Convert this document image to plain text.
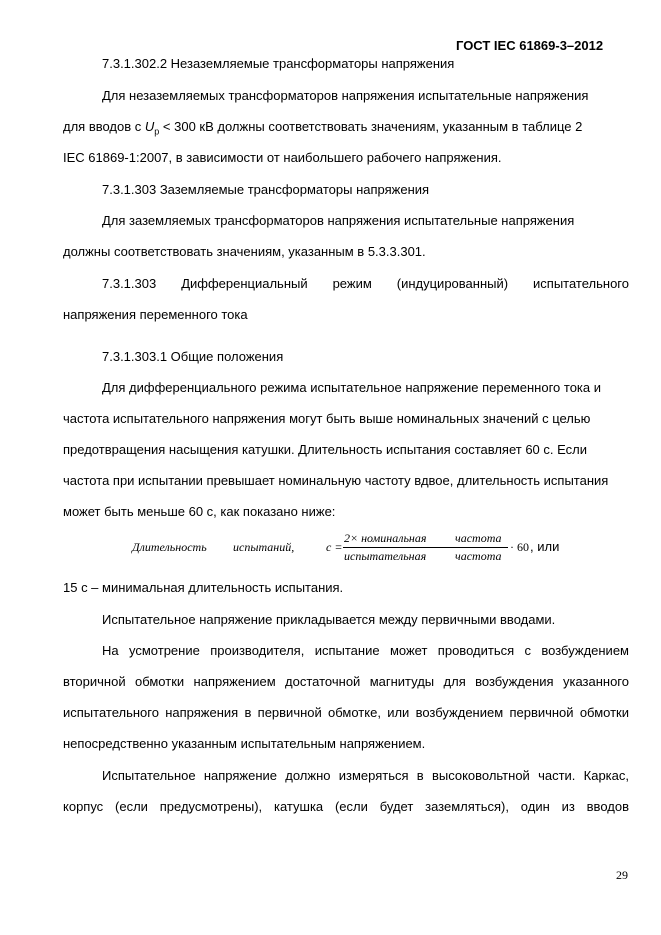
ГОСТ IEC 61869-3–2012
7.3.1.302.2 Незаземляемые трансформаторы напряжения
Для незаземляемых трансформаторов напряжения испытательные напряжения
для вводов с $U_p < 300$ кВ должны соответствовать значениям, указанным в таблице 2
IEC 61869-1:2007, в зависимости от наибольшего рабочего напряжения.
7.3.1.303 Заземляемые трансформаторы напряжения
Для заземляемых трансформаторов напряжения испытательные напряжения
должны соответствовать значениям, указанным в 5.3.3.301.
7.3.1.303 Дифференциальный режим (индуцированный) испытательного
напряжения переменного тока
7.3.1.303.1 Общие положения
Для дифференциального режима испытательное напряжение переменного тока и
частота испытательного напряжения могут быть выше номинальных значений с целью
предотвращения насыщения катушки. Длительность испытания составляет 60 с. Если
частота при испытании превышает номинальную частоту вдвое, длительность испытания
может быть меньше 60 с, как показано ниже:
Длительность испытаний,	c =
2× номинальная частота
испытательная частота
· 60 , или
15 с – минимальная длительность испытания.
Испытательное напряжение прикладывается между первичными вводами.
На усмотрение производителя, испытание может проводиться с возбуждением
вторичной обмотки напряжением достаточной магнитуды для возбуждения указанного
испытательного напряжения в первичной обмотке, или возбуждением первичной обмотки
непосредственно указанным испытательным напряжением.
Испытательное напряжение должно измеряться в высоковольтной части. Каркас,
корпус (если предусмотрены), катушка (если будет заземляться), один из вводов
29
